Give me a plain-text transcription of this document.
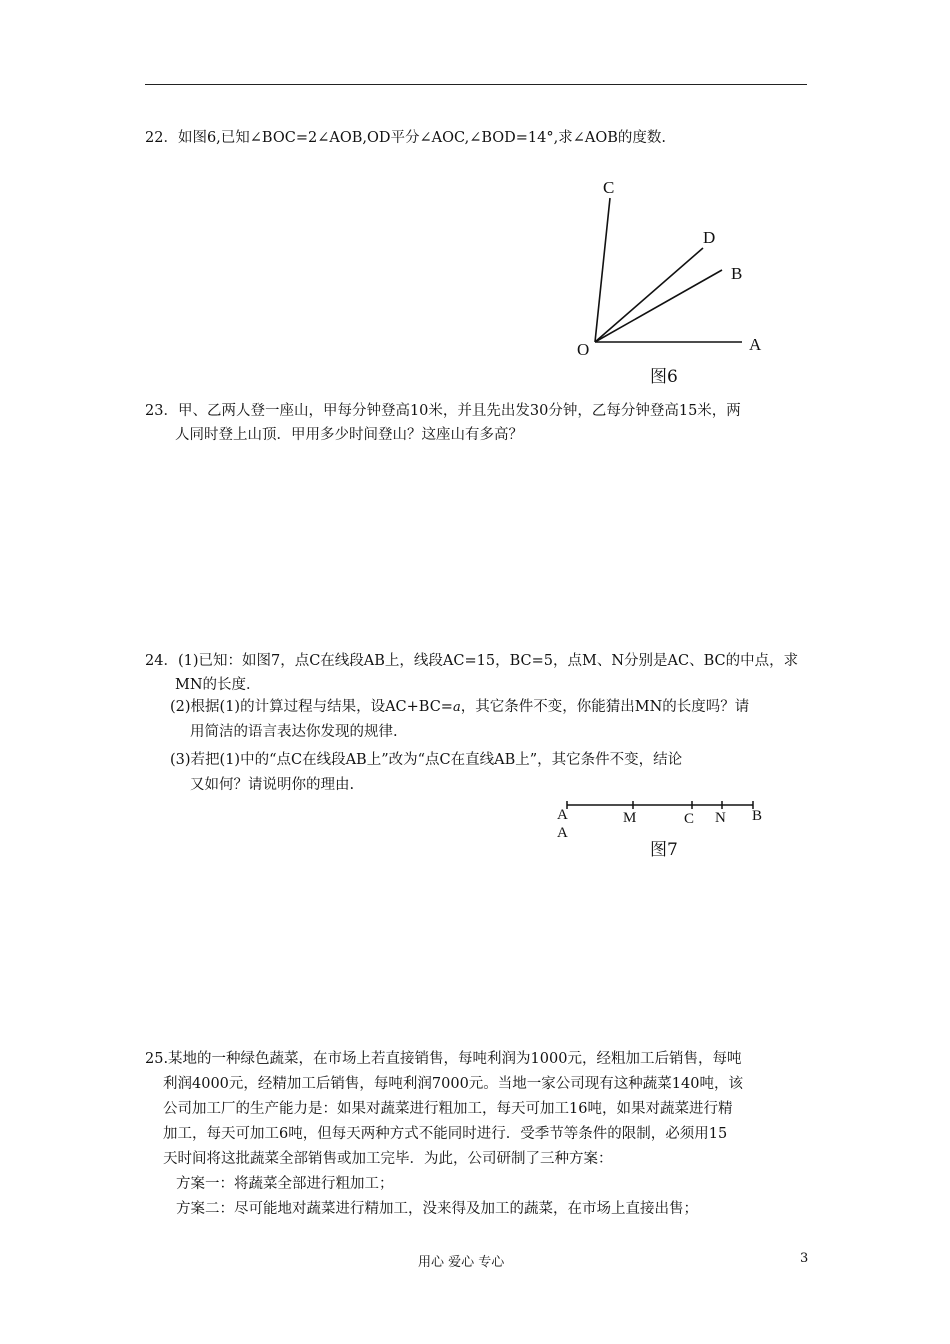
22．如图6,已知∠BOC=2∠AOB,OD平分∠AOC,∠BOD=14°,求∠AOB的度数.
C
D
B
O	A
图6
23．甲、乙两人登一座山，甲每分钟登高10米，并且先出发30分钟，乙每分钟登高15米，两
人同时登上山顶．甲用多少时间登山？这座山有多高？
24．(1)已知：如图7，点C在线段AB上，线段AC=15，BC=5，点M、N分别是AC、BC的中点，求
MN的长度．
(2)根据(1)的计算过程与结果，设AC+BC=a，其它条件不变，你能猜出MN的长度吗？请
用简洁的语言表达你发现的规律.
(3)若把(1)中的“点C在线段AB上”改为“点C在直线AB上”，其它条件不变，结论
又如何？请说明你的理由.
A
A
M	C N B
图7
25.某地的一种绿色蔬菜，在市场上若直接销售，每吨利润为1000元，经粗加工后销售，每吨
利润4000元，经精加工后销售，每吨利润7000元。当地一家公司现有这种蔬菜140吨，该
公司加工厂的生产能力是：如果对蔬菜进行粗加工，每天可加工16吨，如果对蔬菜进行精
加工，每天可加工6吨，但每天两种方式不能同时进行．受季节等条件的限制，必须用15
天时间将这批蔬菜全部销售或加工完毕．为此，公司研制了三种方案：
方案一：将蔬菜全部进行粗加工；
方案二：尽可能地对蔬菜进行精加工，没来得及加工的蔬菜，在市场上直接出售；
用心 爱心 专心	3
